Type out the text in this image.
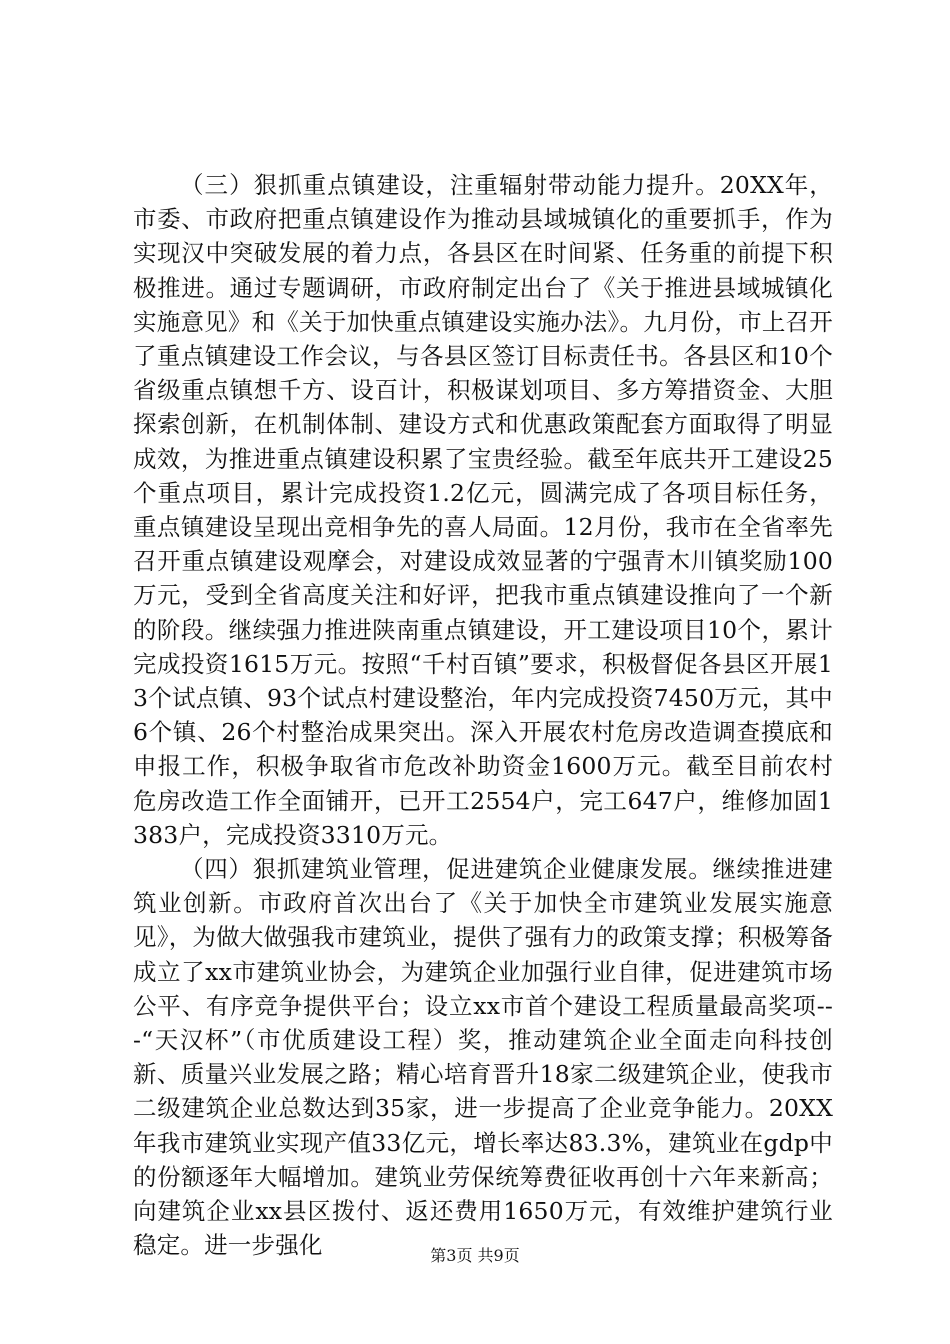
（三）狠抓重点镇建设，注重辐射带动能力提升。20XX年，市委、市政府把重点镇建设作为推动县域城镇化的重要抓手，作为实现汉中突破发展的着力点，各县区在时间紧、任务重的前提下积极推进。通过专题调研，市政府制定出台了《关于推进县域城镇化实施意见》和《关于加快重点镇建设实施办法》。九月份，市上召开了重点镇建设工作会议，与各县区签订目标责任书。各县区和10个省级重点镇想千方、设百计，积极谋划项目、多方筹措资金、大胆探索创新，在机制体制、建设方式和优惠政策配套方面取得了明显成效，为推进重点镇建设积累了宝贵经验。截至年底共开工建设25个重点项目，累计完成投资1.2亿元，圆满完成了各项目标任务，重点镇建设呈现出竞相争先的喜人局面。12月份，我市在全省率先召开重点镇建设观摩会，对建设成效显著的宁强青木川镇奖励100万元，受到全省高度关注和好评，把我市重点镇建设推向了一个新的阶段。继续强力推进陕南重点镇建设，开工建设项目10个，累计完成投资1615万元。按照“千村百镇”要求，积极督促各县区开展13个试点镇、93个试点村建设整治，年内完成投资7450万元，其中6个镇、26个村整治成果突出。深入开展农村危房改造调查摸底和申报工作，积极争取省市危改补助资金1600万元。截至目前农村危房改造工作全面铺开，已开工2554户，完工647户，维修加固1383户，完成投资3310万元。

（四）狠抓建筑业管理，促进建筑企业健康发展。继续推进建筑业创新。市政府首次出台了《关于加快全市建筑业发展实施意见》，为做大做强我市建筑业，提供了强有力的政策支撑；积极筹备成立了xx市建筑业协会，为建筑企业加强行业自律，促进建筑市场公平、有序竞争提供平台；设立xx市首个建设工程质量最高奖项---“天汉杯”（市优质建设工程）奖，推动建筑企业全面走向科技创新、质量兴业发展之路；精心培育晋升18家二级建筑企业，使我市二级建筑企业总数达到35家，进一步提高了企业竞争能力。20XX年我市建筑业实现产值33亿元，增长率达83.3%，建筑业在gdp中的份额逐年大幅增加。建筑业劳保统筹费征收再创十六年来新高；向建筑企业xx县区拨付、返还费用1650万元，有效维护建筑行业稳定。进一步强化	第3页 共9页
